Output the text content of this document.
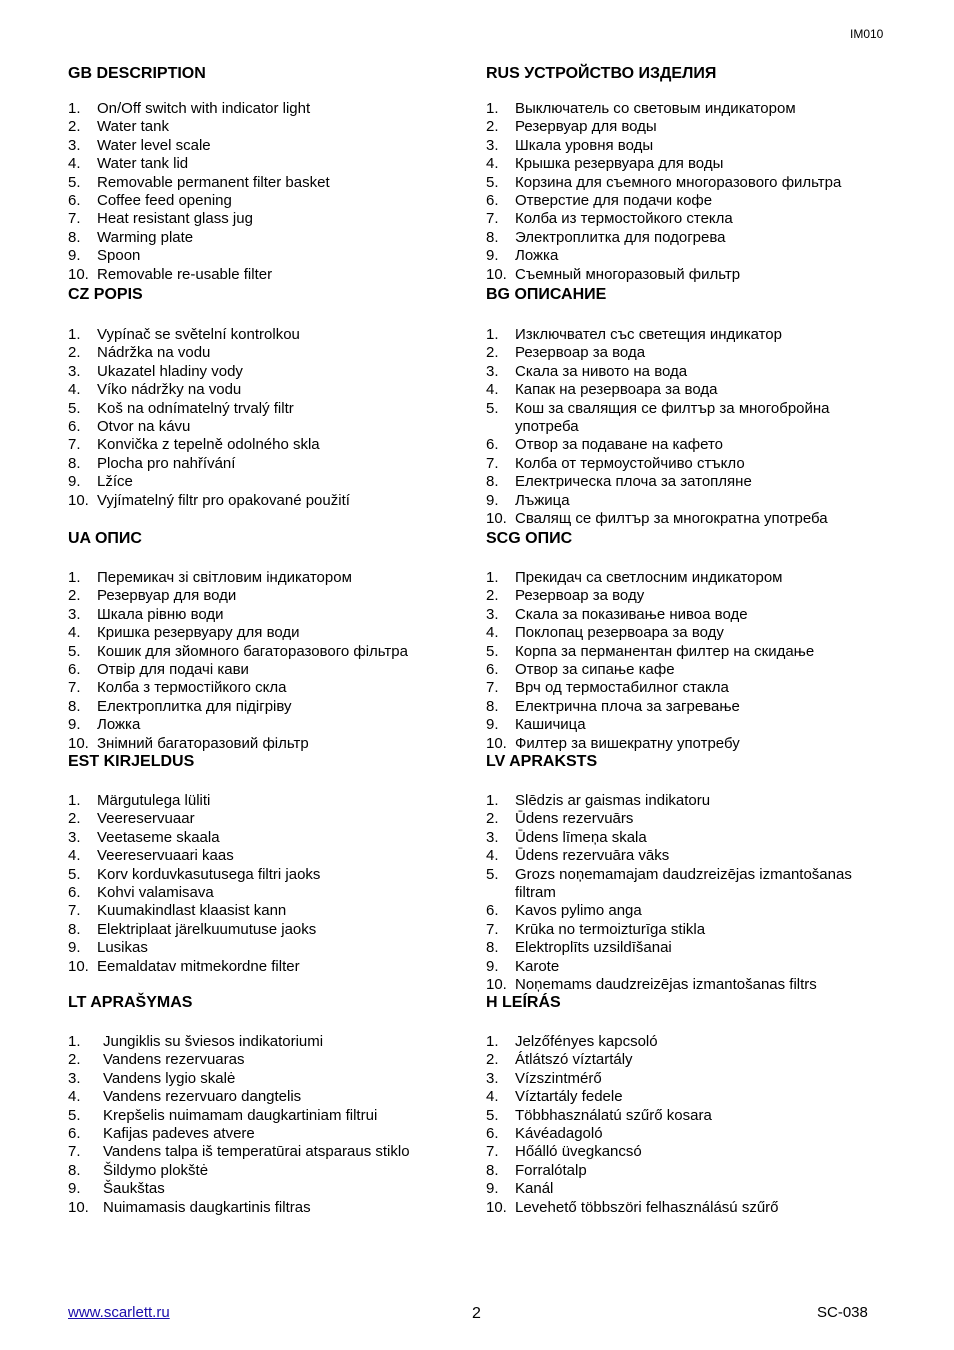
IM010
GB DESCRIPTION
1.	On/Off switch with indicator light
2.	Water tank
3.	Water level scale
4.	Water tank lid
5.	Removable permanent filter basket
6.	Coffee feed opening
7.	Heat resistant glass jug
8.	Warming plate
9.	Spoon
10. Removable re-usable filter
CZ POPIS
1.	Vypínač se světelní kontrolkou
2.	Nádržka na vodu
3.	Ukazatel hladiny vody
4.	Víko nádržky na vodu
5.	Koš na odnímatelný trvalý filtr
6.	Otvor na kávu
7.	Konvička z tepelně odolného skla
8.	Plocha pro nahřívání
9.	Lžíce
10. Vyjímatelný filtr pro opakované použití
UA ОПИС
1.	Перемикач зі світловим індикатором
2.	Резервуар для води
3.	Шкала рівню води
4.	Кришка резервуару для води
5.	Кошик для зйомного багаторазового фільтра
6.	Отвір для подачі кави
7.	Колба з термостійкого скла
8.	Електроплитка для підігріву
9.	Ложка
10. Знімний багаторазовий фільтр
EST KIRJELDUS
1.	Märgutulega lüliti
2.	Veereservuaar
3.	Veetaseme skaala
4.	Veereservuaari kaas
5.	Korv korduvkasutusega filtri jaoks
6.	Kohvi valamisava
7.	Kuumakindlast klaasist kann
8.	Elektriplaat järelkuumutuse jaoks
9.	Lusikas
10. Eemaldatav mitmekordne filter
LT APRAŠYMAS
1.	Jungiklis su šviesos indikatoriumi
2.	Vandens rezervuaras
3.	Vandens lygio skalė
4.	Vandens rezervuaro dangtelis
5.	Krepšelis nuimamam daugkartiniam filtrui
6.	Kafijas padeves atvere
7.	Vandens talpa iš temperatūrai atsparaus stiklo
8.	Šildymo plokštė
9.	Šaukštas
10. Nuimamasis daugkartinis filtras
RUS УСТРОЙСТВО ИЗДЕЛИЯ
1.	Выключатель со световым индикатором
2.	Резервуар для воды
3.	Шкала уровня воды
4.	Крышка резервуара для воды
5.	Корзина для съемного многоразового фильтра
6.	Отверстие для подачи кофе
7.	Колба из термостойкого стекла
8.	Электроплитка для подогрева
9.	Ложка
10. Съемный многоразовый фильтр
BG ОПИСАНИЕ
1.	Изключвател със светещия индикатор
2.	Резервоар за вода
3.	Скала за нивото на вода
4.	Капак на резервоара за вода
5.	Кош за свалящия се филтър за многобройна употреба
6.	Отвор за подаване на кафето
7.	Колба от термоустойчиво стъкло
8.	Електрическа плоча за затопляне
9.	Лъжица
10. Свалящ се филтър за многократна употреба
SCG ОПИС
1.	Прекидач са светлосним индикатором
2.	Резервоар за воду
3.	Скала за показивање нивоа воде
4.	Поклопац резервоара за воду
5.	Корпа за перманентан филтер на скидање
6.	Отвор за сипање кафе
7.	Врч од термостабилног стакла
8.	Електрична плоча за загревање
9.	Кашичица
10. Филтер за вишекратну употребу
LV APRAKSTS
1.	Slēdzis ar gaismas indikatoru
2.	Ūdens rezervuārs
3.	Ūdens līmeņa skala
4.	Ūdens rezervuāra vāks
5.	Grozs noņemamajam daudzreizējas izmantošanas filtram
6.	Kavos pylimo anga
7.	Krūka no termoizturīga stikla
8.	Elektroplīts uzsildīšanai
9.	Karote
10. Noņemams daudzreizējas izmantošanas filtrs
H LEÍRÁS
1.	Jelzőfényes kapcsoló
2.	Átlátszó víztartály
3.	Vízszintmérő
4.	Víztartály fedele
5.	Többhasználatú szűrő kosara
6.	Kávéadagoló
7.	Hőálló üvegkancsó
8.	Forralótalp
9.	Kanál
10. Levehető többszöri felhasználású szűrő
www.scarlett.ru	2	SC-038
